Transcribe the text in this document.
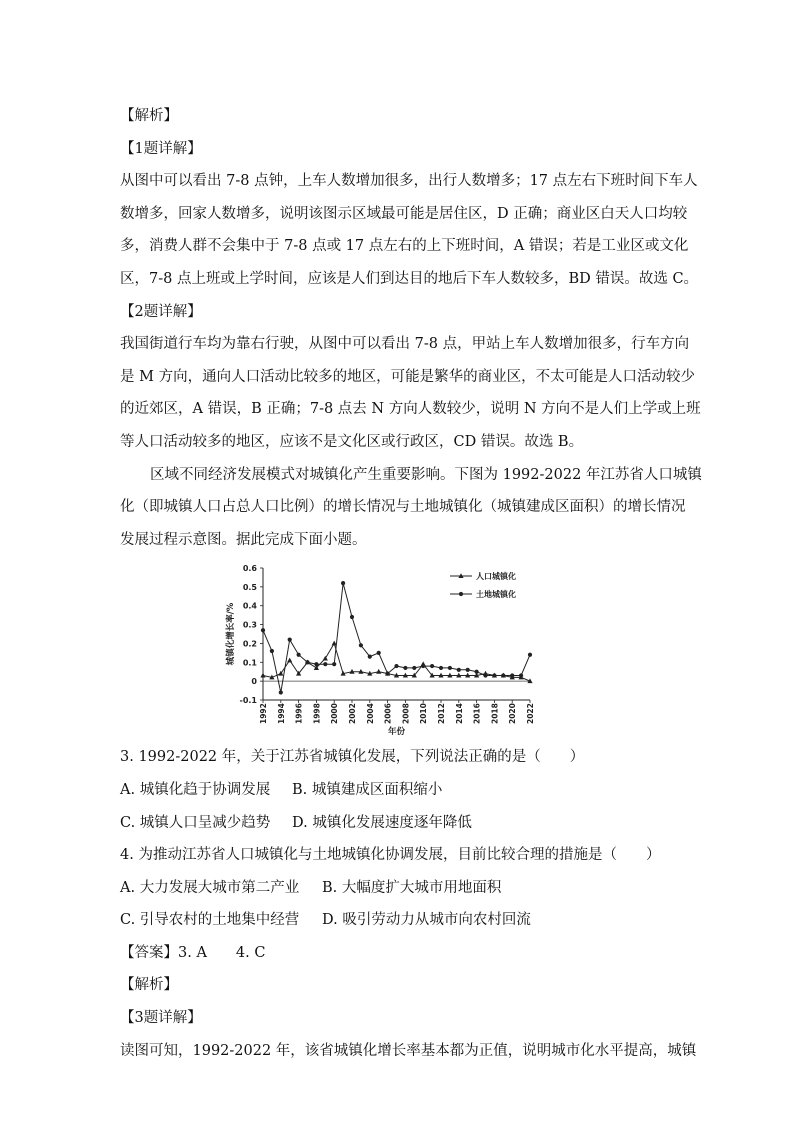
【解析】
【1题详解】
从图中可以看出 7-8 点钟，上车人数增加很多，出行人数增多；17 点左右下班时间下车人
数增多，回家人数增多，说明该图示区域最可能是居住区，D 正确；商业区白天人口均较
多，消费人群不会集中于 7-8 点或 17 点左右的上下班时间，A 错误；若是工业区或文化
区，7-8 点上班或上学时间，应该是人们到达目的地后下车人数较多，BD 错误。故选 C。
【2题详解】
我国街道行车均为靠右行驶，从图中可以看出 7-8 点，甲站上车人数增加很多，行车方向
是 M 方向，通向人口活动比较多的地区，可能是繁华的商业区，不太可能是人口活动较少
的近郊区，A 错误，B 正确；7-8 点去 N 方向人数较少，说明 N 方向不是人们上学或上班
等人口活动较多的地区，应该不是文化区或行政区，CD 错误。故选 B。
区域不同经济发展模式对城镇化产生重要影响。下图为 1992-2022 年江苏省人口城镇
化（即城镇人口占总人口比例）的增长情况与土地城镇化（城镇建成区面积）的增长情况
发展过程示意图。据此完成下面小题。
0.6
0.5
0.4
0.3
0.2
0.1
0
-0.1
1992 1994 1996 1998 2000 2002 2004 2006 2008 2010 2012 2014 2016 2018 2020 2022
年份
城镇化增长率/%
人口城镇化
土地城镇化
3. 1992-2022 年，关于江苏省城镇化发展，下列说法正确的是（　　）
A. 城镇化趋于协调发展	B. 城镇建成区面积缩小
C. 城镇人口呈减少趋势	D. 城镇化发展速度逐年降低
4. 为推动江苏省人口城镇化与土地城镇化协调发展，目前比较合理的措施是（　　）
A. 大力发展大城市第二产业	B. 大幅度扩大城市用地面积
C. 引导农村的土地集中经营	D. 吸引劳动力从城市向农村回流
【答案】3. A　　4. C
【解析】
【3题详解】
读图可知，1992-2022 年，该省城镇化增长率基本都为正值，说明城市化水平提高，城镇
